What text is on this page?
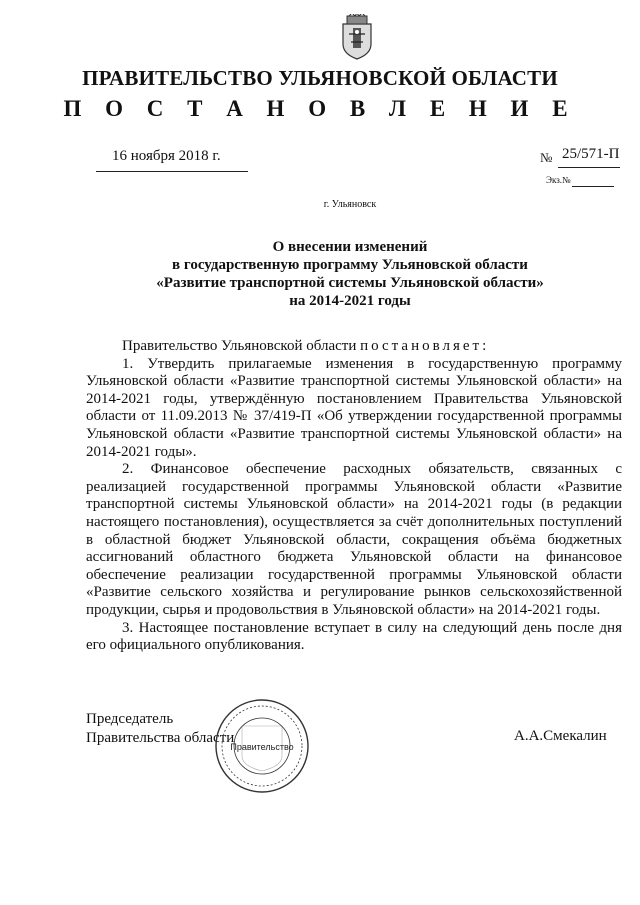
ПРАВИТЕЛЬСТВО УЛЬЯНОВСКОЙ ОБЛАСТИ
П О С Т А Н О В Л Е Н И Е
16 ноября 2018 г.	№ 25/571-П
Экз.№
г. Ульяновск
О внесении изменений
в государственную программу Ульяновской области
«Развитие транспортной системы Ульяновской области»
на 2014-2021 годы

Правительство Ульяновской области постановляет:

1. Утвердить прилагаемые изменения в государственную программу Ульяновской области «Развитие транспортной системы Ульяновской области» на 2014-2021 годы, утверждённую постановлением Правительства Ульяновской области от 11.09.2013 № 37/419-П «Об утверждении государственной программы Ульяновской области «Развитие транспортной системы Ульяновской области» на 2014-2021 годы».

2. Финансовое обеспечение расходных обязательств, связанных с реализацией государственной программы Ульяновской области «Развитие транспортной системы Ульяновской области» на 2014-2021 годы (в редакции настоящего постановления), осуществляется за счёт дополнительных поступлений в областной бюджет Ульяновской области, сокращения объёма бюджетных ассигнований областного бюджета Ульяновской области на финансовое обеспечение реализации государственной программы Ульяновской области «Развитие сельского хозяйства и регулирование рынков сельскохозяйственной продукции, сырья и продовольствия в Ульяновской области» на 2014-2021 годы.

3. Настоящее постановление вступает в силу на следующий день после дня его официального опубликования.

Председатель
Правительства области
Правительство
А.А.Смекалин
